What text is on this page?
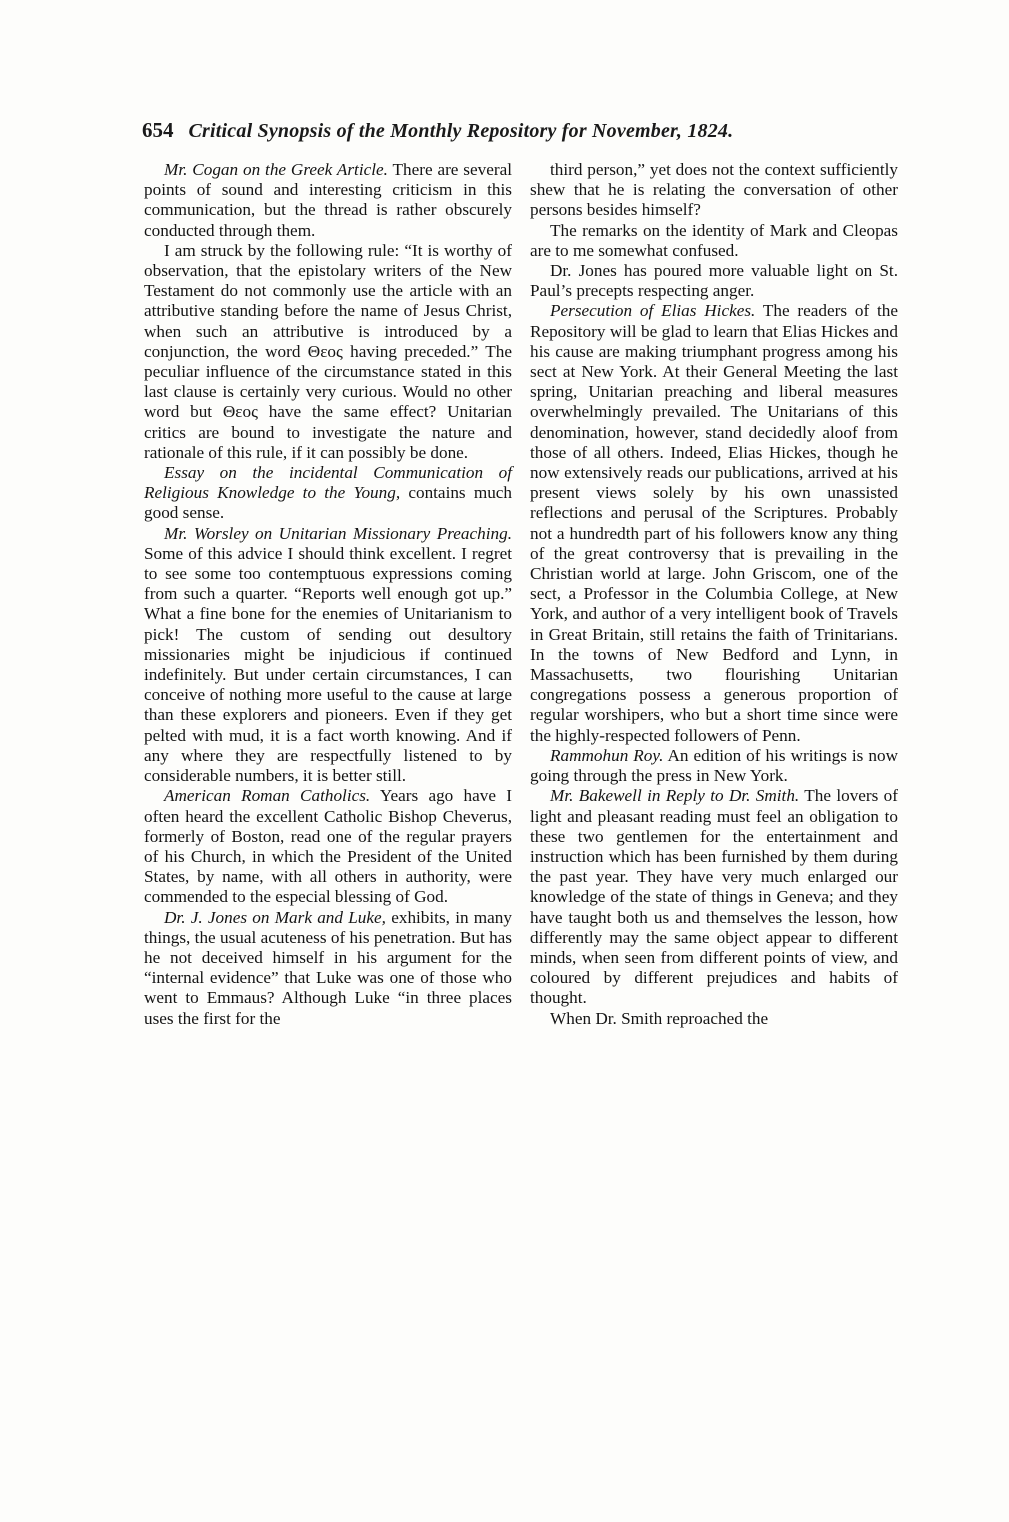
654 Critical Synopsis of the Monthly Repository for November, 1824.

Mr. Cogan on the Greek Article. There are several points of sound and interesting criticism in this communication, but the thread is rather obscurely conducted through them.

I am struck by the following rule: “It is worthy of observation, that the epistolary writers of the New Testament do not commonly use the article with an attributive standing before the name of Jesus Christ, when such an attributive is introduced by a conjunction, the word Θεος having preceded.” The peculiar influence of the circumstance stated in this last clause is certainly very curious. Would no other word but Θεος have the same effect? Unitarian critics are bound to investigate the nature and rationale of this rule, if it can possibly be done.

Essay on the incidental Communication of Religious Knowledge to the Young, contains much good sense.

Mr. Worsley on Unitarian Missionary Preaching. Some of this advice I should think excellent. I regret to see some too contemptuous expressions coming from such a quarter. “Reports well enough got up.” What a fine bone for the enemies of Unitarianism to pick! The custom of sending out desultory missionaries might be injudicious if continued indefinitely. But under certain circumstances, I can conceive of nothing more useful to the cause at large than these explorers and pioneers. Even if they get pelted with mud, it is a fact worth knowing. And if any where they are respectfully listened to by considerable numbers, it is better still.

American Roman Catholics. Years ago have I often heard the excellent Catholic Bishop Cheverus, formerly of Boston, read one of the regular prayers of his Church, in which the President of the United States, by name, with all others in authority, were commended to the especial blessing of God.

Dr. J. Jones on Mark and Luke, exhibits, in many things, the usual acuteness of his penetration. But has he not deceived himself in his argument for the “internal evidence” that Luke was one of those who went to Emmaus? Although Luke “in three places uses the first for the

third person,” yet does not the context sufficiently shew that he is relating the conversation of other persons besides himself?

The remarks on the identity of Mark and Cleopas are to me somewhat confused.

Dr. Jones has poured more valuable light on St. Paul’s precepts respecting anger.

Persecution of Elias Hickes. The readers of the Repository will be glad to learn that Elias Hickes and his cause are making triumphant progress among his sect at New York. At their General Meeting the last spring, Unitarian preaching and liberal measures overwhelmingly prevailed. The Unitarians of this denomination, however, stand decidedly aloof from those of all others. Indeed, Elias Hickes, though he now extensively reads our publications, arrived at his present views solely by his own unassisted reflections and perusal of the Scriptures. Probably not a hundredth part of his followers know any thing of the great controversy that is prevailing in the Christian world at large. John Griscom, one of the sect, a Professor in the Columbia College, at New York, and author of a very intelligent book of Travels in Great Britain, still retains the faith of Trinitarians. In the towns of New Bedford and Lynn, in Massachusetts, two flourishing Unitarian congregations possess a generous proportion of regular worshipers, who but a short time since were the highly-respected followers of Penn.

Rammohun Roy. An edition of his writings is now going through the press in New York.

Mr. Bakewell in Reply to Dr. Smith. The lovers of light and pleasant reading must feel an obligation to these two gentlemen for the entertainment and instruction which has been furnished by them during the past year. They have very much enlarged our knowledge of the state of things in Geneva; and they have taught both us and themselves the lesson, how differently may the same object appear to different minds, when seen from different points of view, and coloured by different prejudices and habits of thought.

When Dr. Smith reproached the
